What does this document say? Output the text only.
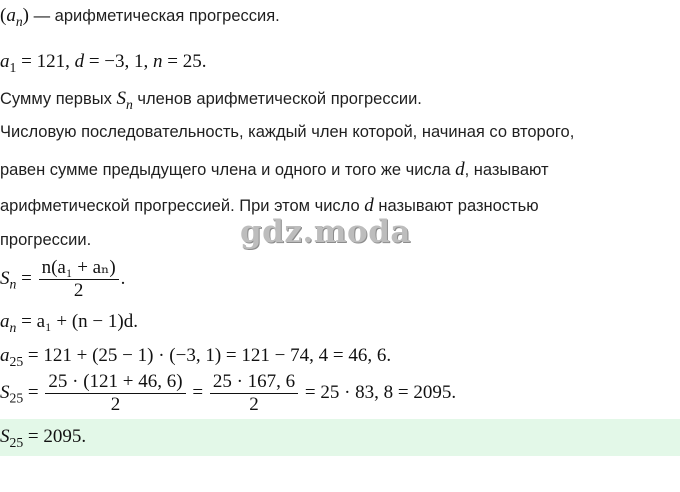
$(a_n)$ — арифметическая прогрессия.
$a_1 = 121$, d = −3, 1, n = 25.
Сумму первых $S_n$ членов арифметической прогрессии.
Числовую последовательность, каждый член которой, начиная со второго,
равен сумме предыдущего члена и одного и того же числа d, называют
арифметической прогрессией. При этом число d называют разностью
прогрессии.
$S_n = \frac{\text{n(a₁ + aₙ)}}{2}$ .
$a_n = a_1 + (n - 1)d$.
$a_{25} = 121 + (25 - 1) \cdot (-3$, 1) = 121 − 74, 4 = 46, 6.
$S_{25} = \frac{25 \cdot (121 + 46, 6)}{2} = \frac{25 \cdot 167, 6}{2} = 25 \cdot 83$, 8 = 2095.
$S_{25} = 2095$.
gdz.moda
